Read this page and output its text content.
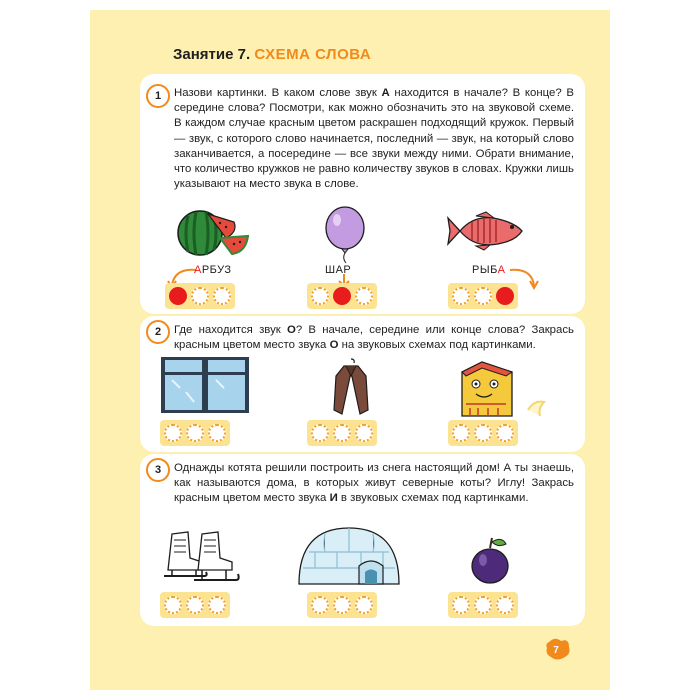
Занятие 7. СХЕМА СЛОВА
1	Назови картинки. В каком слове звук А находится в начале? В конце? В середине слова? Посмотри, как можно обозначить это на звуковой схеме. В каждом случае красным цветом раскрашен подходящий кружок. Первый — звук, с которого слово начинается, последний — звук, на который слово заканчивается, а посередине — все звуки между ними. Обрати внимание, что количество кружков не равно количеству звуков в словах. Кружки лишь указывают на место звука в слове.
АРБУЗ	ШАР	РЫБА
2	Где находится звук О? В начале, середине или конце слова? Закрась красным цветом место звука О на звуковых схемах под картинками.
3	Однажды котята решили построить из снега настоящий дом! А ты знаешь, как называются дома, в которых живут северные коты? Иглу! Закрась красным цветом место звука И в звуковых схемах под картинками.
7
